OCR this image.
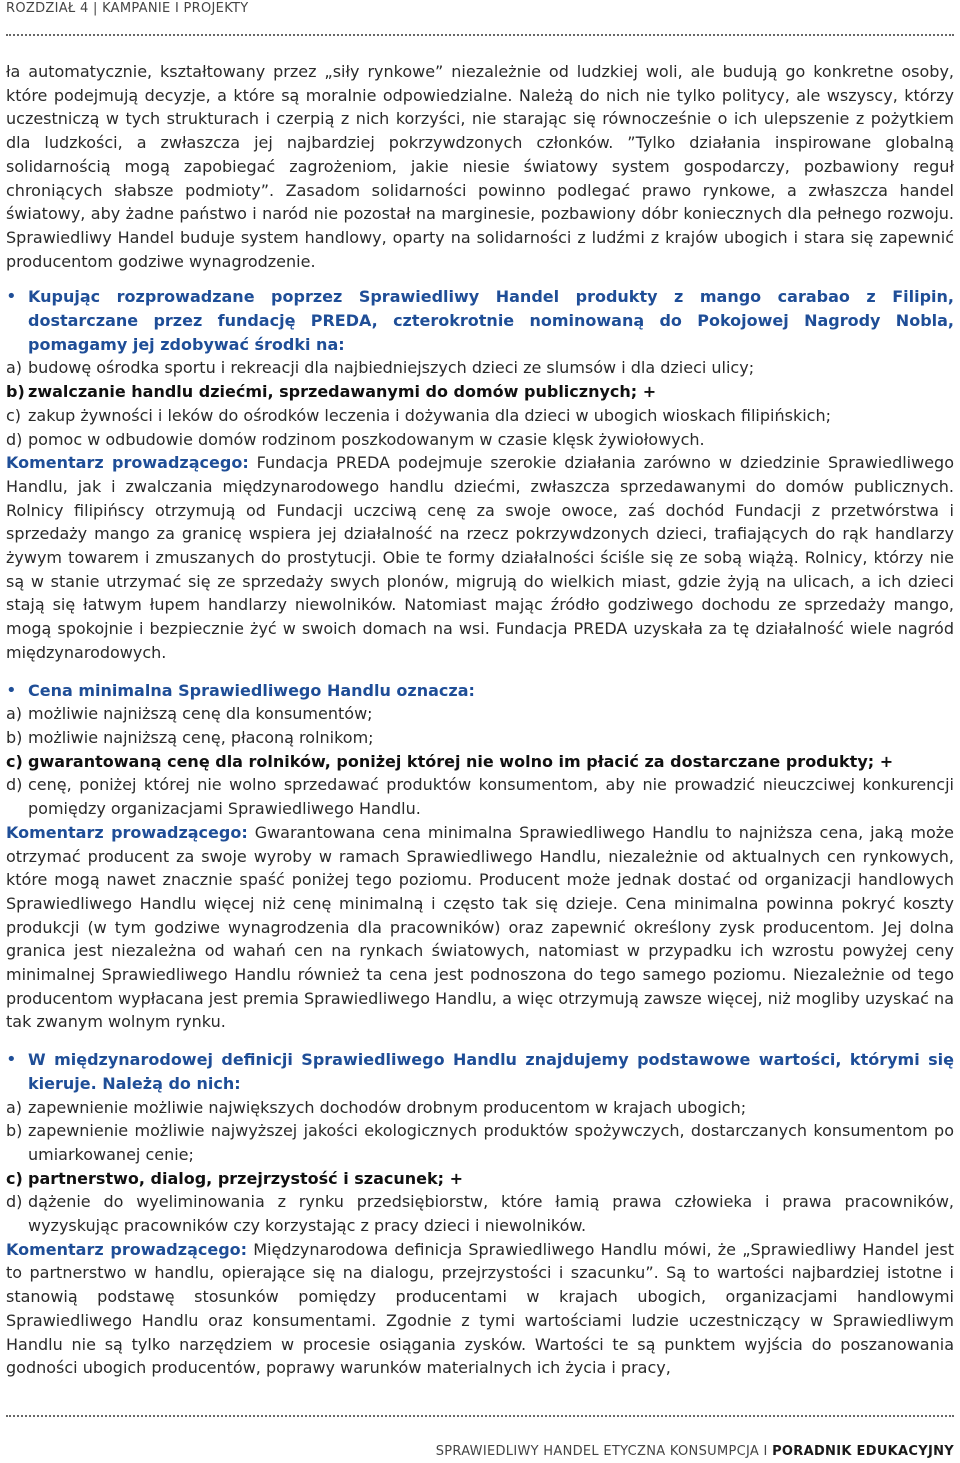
ROZDZIAŁ 4 | KAMPANIE I PROJEKTY

ła automatycznie, kształtowany przez „siły rynkowe” niezależnie od ludzkiej woli, ale budują go konkretne osoby, które podejmują decyzje, a które są moralnie odpowiedzialne. Należą do nich nie tylko politycy, ale wszyscy, którzy uczestniczą w tych strukturach i czerpią z nich korzyści, nie starając się równocześnie o ich ulepszenie z pożytkiem dla ludzkości, a zwłaszcza jej najbardziej pokrzywdzonych członków. ”Tylko działania inspirowane globalną solidarnością mogą zapobiegać zagrożeniom, jakie niesie światowy system gospodarczy, pozbawiony reguł chroniących słabsze podmioty”. Zasadom solidarności powinno podlegać prawo rynkowe, a zwłaszcza handel światowy, aby żadne państwo i naród nie pozostał na marginesie, pozbawiony dóbr koniecznych dla pełnego rozwoju. Sprawiedliwy Handel buduje system handlowy, oparty na solidarności z ludźmi z krajów ubogich i stara się zapewnić producentom godziwe wynagrodzenie.

• Kupując rozprowadzane poprzez Sprawiedliwy Handel produkty z mango carabao z Filipin, dostarczane przez fundację PREDA, czterokrotnie nominowaną do Pokojowej Nagrody Nobla, pomagamy jej zdobywać środki na:
a) budowę ośrodka sportu i rekreacji dla najbiedniejszych dzieci ze slumsów i dla dzieci ulicy;
b) zwalczanie handlu dziećmi, sprzedawanymi do domów publicznych; +
c) zakup żywności i leków do ośrodków leczenia i dożywania dla dzieci w ubogich wioskach filipińskich;
d) pomoc w odbudowie domów rodzinom poszkodowanym w czasie klęsk żywiołowych.

Komentarz prowadzącego: Fundacja PREDA podejmuje szerokie działania zarówno w dziedzinie Sprawiedliwego Handlu, jak i zwalczania międzynarodowego handlu dziećmi, zwłaszcza sprzedawanymi do domów publicznych. Rolnicy filipińscy otrzymują od Fundacji uczciwą cenę za swoje owoce, zaś dochód Fundacji z przetwórstwa i sprzedaży mango za granicę wspiera jej działalność na rzecz pokrzywdzonych dzieci, trafiających do rąk handlarzy żywym towarem i zmuszanych do prostytucji. Obie te formy działalności ściśle się ze sobą wiążą. Rolnicy, którzy nie są w stanie utrzymać się ze sprzedaży swych plonów, migrują do wielkich miast, gdzie żyją na ulicach, a ich dzieci stają się łatwym łupem handlarzy niewolników. Natomiast mając źródło godziwego dochodu ze sprzedaży mango, mogą spokojnie i bezpiecznie żyć w swoich domach na wsi. Fundacja PREDA uzyskała za tę działalność wiele nagród międzynarodowych.

• Cena minimalna Sprawiedliwego Handlu oznacza:
a) możliwie najniższą cenę dla konsumentów;
b) możliwie najniższą cenę, płaconą rolnikom;
c) gwarantowaną cenę dla rolników, poniżej której nie wolno im płacić za dostarczane produkty; +
d) cenę, poniżej której nie wolno sprzedawać produktów konsumentom, aby nie prowadzić nieuczciwej konkurencji pomiędzy organizacjami Sprawiedliwego Handlu.

Komentarz prowadzącego: Gwarantowana cena minimalna Sprawiedliwego Handlu to najniższa cena, jaką może otrzymać producent za swoje wyroby w ramach Sprawiedliwego Handlu, niezależnie od aktualnych cen rynkowych, które mogą nawet znacznie spaść poniżej tego poziomu. Producent może jednak dostać od organizacji handlowych Sprawiedliwego Handlu więcej niż cenę minimalną i często tak się dzieje. Cena minimalna powinna pokryć koszty produkcji (w tym godziwe wynagrodzenia dla pracowników) oraz zapewnić określony zysk producentom. Jej dolna granica jest niezależna od wahań cen na rynkach światowych, natomiast w przypadku ich wzrostu powyżej ceny minimalnej Sprawiedliwego Handlu również ta cena jest podnoszona do tego samego poziomu. Niezależnie od tego producentom wypłacana jest premia Sprawiedliwego Handlu, a więc otrzymują zawsze więcej, niż mogliby uzyskać na tak zwanym wolnym rynku.

• W międzynarodowej definicji Sprawiedliwego Handlu znajdujemy podstawowe wartości, którymi się kieruje. Należą do nich:
a) zapewnienie możliwie największych dochodów drobnym producentom w krajach ubogich;
b) zapewnienie możliwie najwyższej jakości ekologicznych produktów spożywczych, dostarczanych konsumentom po umiarkowanej cenie;
c) partnerstwo, dialog, przejrzystość i szacunek; +
d) dążenie do wyeliminowania z rynku przedsiębiorstw, które łamią prawa człowieka i prawa pracowników, wyzyskując pracowników czy korzystając z pracy dzieci i niewolników.

Komentarz prowadzącego: Międzynarodowa definicja Sprawiedliwego Handlu mówi, że „Sprawiedliwy Handel jest to partnerstwo w handlu, opierające się na dialogu, przejrzystości i szacunku”. Są to wartości najbardziej istotne i stanowią podstawę stosunków pomiędzy producentami w krajach ubogich, organizacjami handlowymi Sprawiedliwego Handlu oraz konsumentami. Zgodnie z tymi wartościami ludzie uczestniczący w Sprawiedliwym Handlu nie są tylko narzędziem w procesie osiągania zysków. Wartości te są punktem wyjścia do poszanowania godności ubogich producentów, poprawy warunków materialnych ich życia i pracy,

SPRAWIEDLIWY HANDEL ETYCZNA KONSUMPCJA I PORADNIK EDUKACYJNY
